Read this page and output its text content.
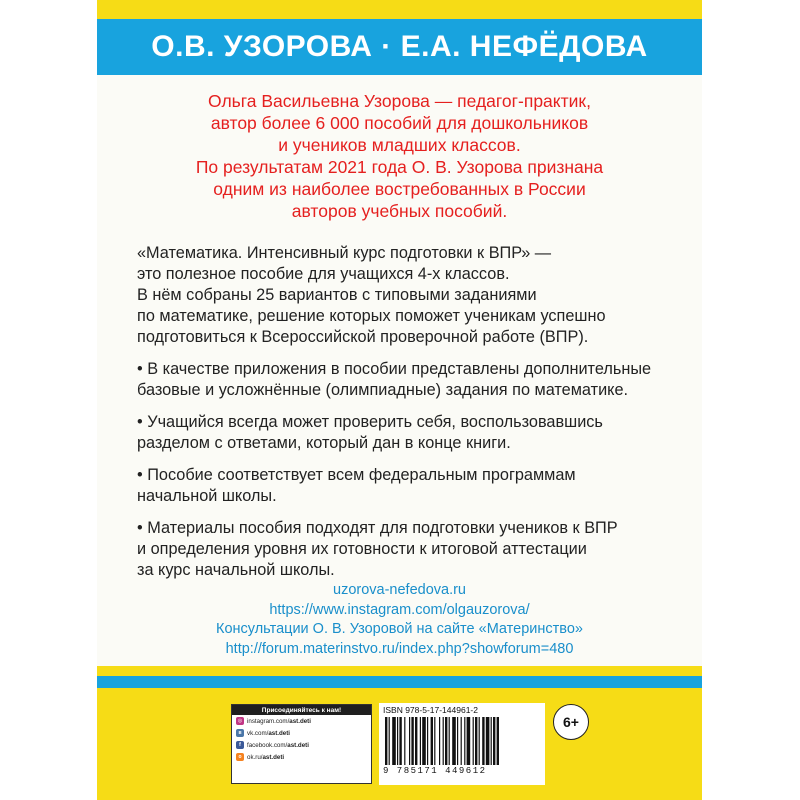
О.В. УЗОРОВА · Е.А. НЕФЁДОВА

Ольга Васильевна Узорова — педагог-практик,

автор более 6 000 пособий для дошкольников

и учеников младших классов.

По результатам 2021 года О. В. Узорова признана

одним из наиболее востребованных в России

авторов учебных пособий.

«Математика. Интенсивный курс подготовки к ВПР» —
это полезное пособие для учащихся 4-х классов.
В нём собраны 25 вариантов с типовыми заданиями
по математике, решение которых поможет ученикам успешно
подготовиться к Всероссийской проверочной работе (ВПР).

• В качестве приложения в пособии представлены дополнительные
базовые и усложнённые (олимпиадные) задания по математике.

• Учащийся всегда может проверить себя, воспользовавшись
разделом с ответами, который дан в конце книги.

• Пособие соответствует всем федеральным программам
начальной школы.

• Материалы пособия подходят для подготовки учеников к ВПР
и определения уровня их готовности к итоговой аттестации
за курс начальной школы.

uzorova-nefedova.ru
https://www.instagram.com/olgauzorova/
Консультации О. В. Узоровой на сайте «Материнство»
http://forum.materinstvo.ru/index.php?showforum=480
Присоединяйтесь к нам!
◎ instagram.com/ ast.deti
в vk.com/ ast.deti
f facebook.com/ ast.deti
о ok.ru/ ast.deti
ISBN 978-5-17-144961-2
9 785171 449612
6+
